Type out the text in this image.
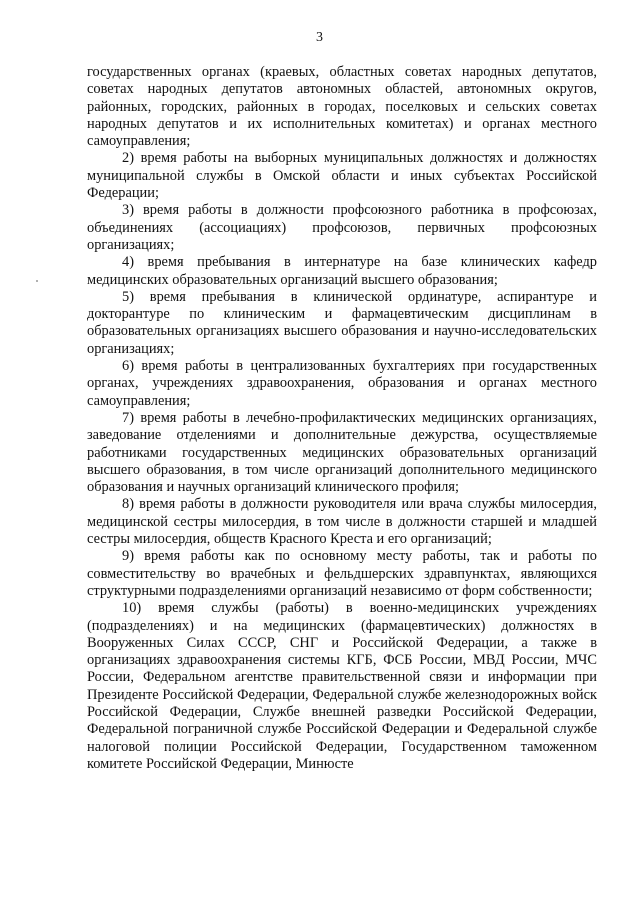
3

государственных органах (краевых, областных советах народных депутатов, советах народных депутатов автономных областей, автономных округов, районных, городских, районных в городах, поселковых и сельских советах народных депутатов и их исполнительных комитетах) и органах местного самоуправления;

2) время работы на выборных муниципальных должностях и должностях муниципальной службы в Омской области и иных субъектах Российской Федерации;

3) время работы в должности профсоюзного работника в профсоюзах, объединениях (ассоциациях) профсоюзов, первичных профсоюзных организациях;

4) время пребывания в интернатуре на базе клинических кафедр медицинских образовательных организаций высшего образования;

5) время пребывания в клинической ординатуре, аспирантуре и докторантуре по клиническим и фармацевтическим дисциплинам в образовательных организациях высшего образования и научно-исследовательских организациях;

6) время работы в централизованных бухгалтериях при государственных органах, учреждениях здравоохранения, образования и органах местного самоуправления;

7) время работы в лечебно-профилактических медицинских организациях, заведование отделениями и дополнительные дежурства, осуществляемые работниками государственных медицинских образовательных организаций высшего образования, в том числе организаций дополнительного медицинского образования и научных организаций клинического профиля;

8) время работы в должности руководителя или врача службы милосердия, медицинской сестры милосердия, в том числе в должности старшей и младшей сестры милосердия, обществ Красного Креста и его организаций;

9) время работы как по основному месту работы, так и работы по совместительству во врачебных и фельдшерских здравпунктах, являющихся структурными подразделениями организаций независимо от форм собственности;

10) время службы (работы) в военно-медицинских учреждениях (подразделениях) и на медицинских (фармацевтических) должностях в Вооруженных Силах СССР, СНГ и Российской Федерации, а также в организациях здравоохранения системы КГБ, ФСБ России, МВД России, МЧС России, Федеральном агентстве правительственной связи и информации при Президенте Российской Федерации, Федеральной службе железнодорожных войск Российской Федерации, Службе внешней разведки Российской Федерации, Федеральной пограничной службе Российской Федерации и Федеральной службе налоговой полиции Российской Федерации, Государственном таможенном комитете Российской Федерации, Минюсте
